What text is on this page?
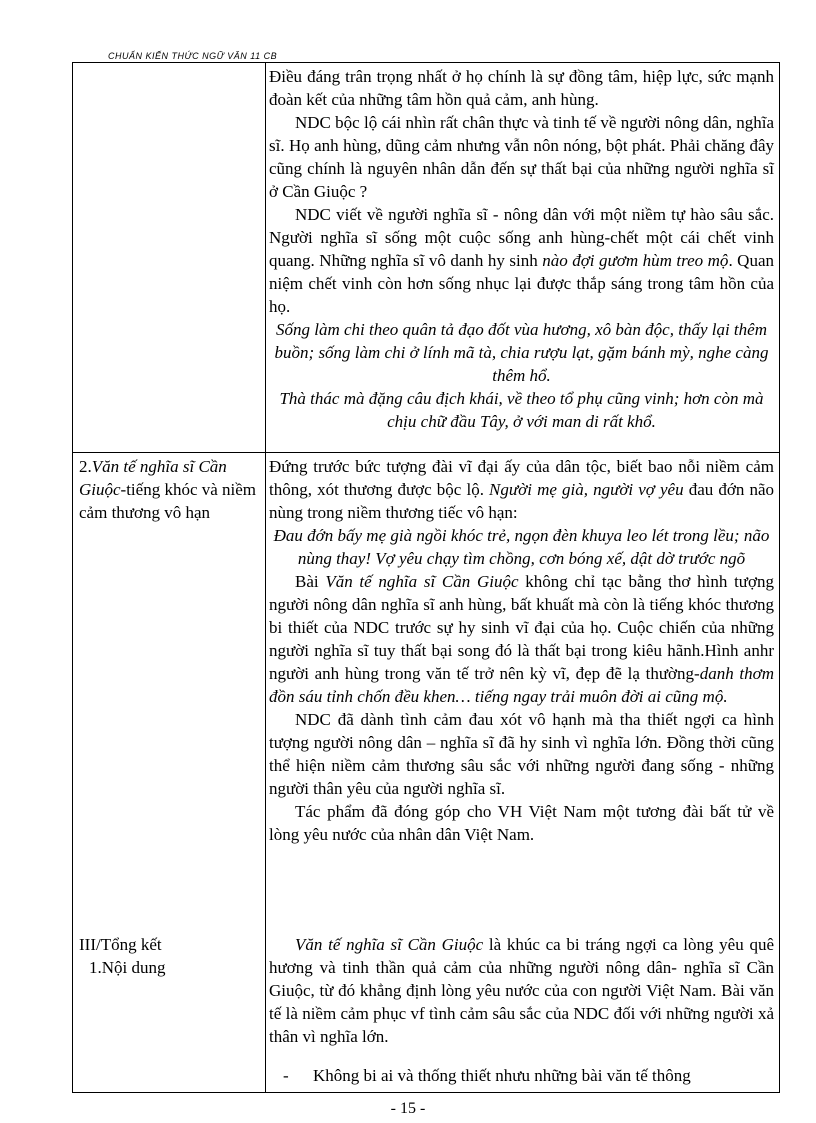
CHUẨN KIẾN THỨC NGỮ VĂN 11 CB

Điều đáng trân trọng nhất ở họ chính là sự đồng tâm, hiệp lực, sức mạnh đoàn kết của những tâm hồn quả cảm, anh hùng.

NDC bộc lộ cái nhìn rất chân thực và tinh tế về người nông dân, nghĩa sĩ. Họ anh hùng, dũng cảm nhưng vẫn nôn nóng, bột phát. Phải chăng đây cũng chính là nguyên nhân dẫn đến sự thất bại của những người nghĩa sĩ ở Cần Giuộc ?

NDC viết về người nghĩa sĩ - nông dân với một niềm tự hào sâu sắc. Người nghĩa sĩ sống một cuộc sống anh hùng-chết một cái chết vinh quang. Những nghĩa sĩ vô danh hy sinh nào đợi gươm hùm treo mộ. Quan niệm chết vinh còn hơn sống nhục lại được thắp sáng trong tâm hồn của họ.

Sống làm chi theo quân tả đạo đốt vùa hương, xô bàn độc, thấy lại thêm buồn; sống làm chi ở lính mã tà, chia rượu lạt, gặm bánh mỳ, nghe càng thêm hổ.

Thà thác mà đặng câu địch khái, về theo tổ phụ cũng vinh; hơn còn mà chịu chữ đầu Tây, ở với man di rất khổ.

2.Văn tế nghĩa sĩ Cần Giuộc-tiếng khóc và niềm cảm thương vô hạn

Đứng trước bức tượng đài vĩ đại ấy của dân tộc, biết bao nỗi niềm cảm thông, xót thương được bộc lộ. Người mẹ già, người vợ yêu đau đớn não nùng trong niềm thương tiếc vô hạn:

Đau đớn bấy mẹ già ngồi khóc trẻ, ngọn đèn khuya leo lét trong lều; não nùng thay! Vợ yêu chạy tìm chồng, cơn bóng xế, dật dờ trước ngõ

Bài Văn tế nghĩa sĩ Cần Giuộc không chỉ tạc bằng thơ hình tượng người nông dân nghĩa sĩ anh hùng, bất khuất mà còn là tiếng khóc thương bi thiết của NDC trước sự hy sinh vĩ đại của họ. Cuộc chiến của những người nghĩa sĩ tuy thất bại song đó là thất bại trong kiêu hãnh.Hình anhr người anh hùng trong văn tế trở nên kỳ vĩ, đẹp đẽ lạ thường-danh thơm đồn sáu tỉnh chốn đều khen… tiếng ngay trải muôn đời ai cũng mộ.

NDC đã dành tình cảm đau xót vô hạnh mà tha thiết ngợi ca hình tượng người nông dân – nghĩa sĩ đã hy sinh vì nghĩa lớn. Đồng thời cũng thể hiện niềm cảm thương sâu sắc với những người đang sống - những người thân yêu của người nghĩa sĩ.

Tác phẩm đã đóng góp cho VH Việt Nam một tương đài bất tử về lòng yêu nước của nhân dân Việt Nam.

III/Tổng kết
1.Nội dung

Văn tế nghĩa sĩ Cần Giuộc là khúc ca bi tráng ngợi ca lòng yêu quê hương và tinh thần quả cảm của những người nông dân- nghĩa sĩ Cần Giuộc, từ đó khẳng định lòng yêu nước của con người Việt Nam. Bài văn tế là niềm cảm phục vf tình cảm sâu sắc của NDC đối với những người xả thân vì nghĩa lớn.

- Không bi ai và thống thiết nhưu những bài văn tế thông

- 15 -
